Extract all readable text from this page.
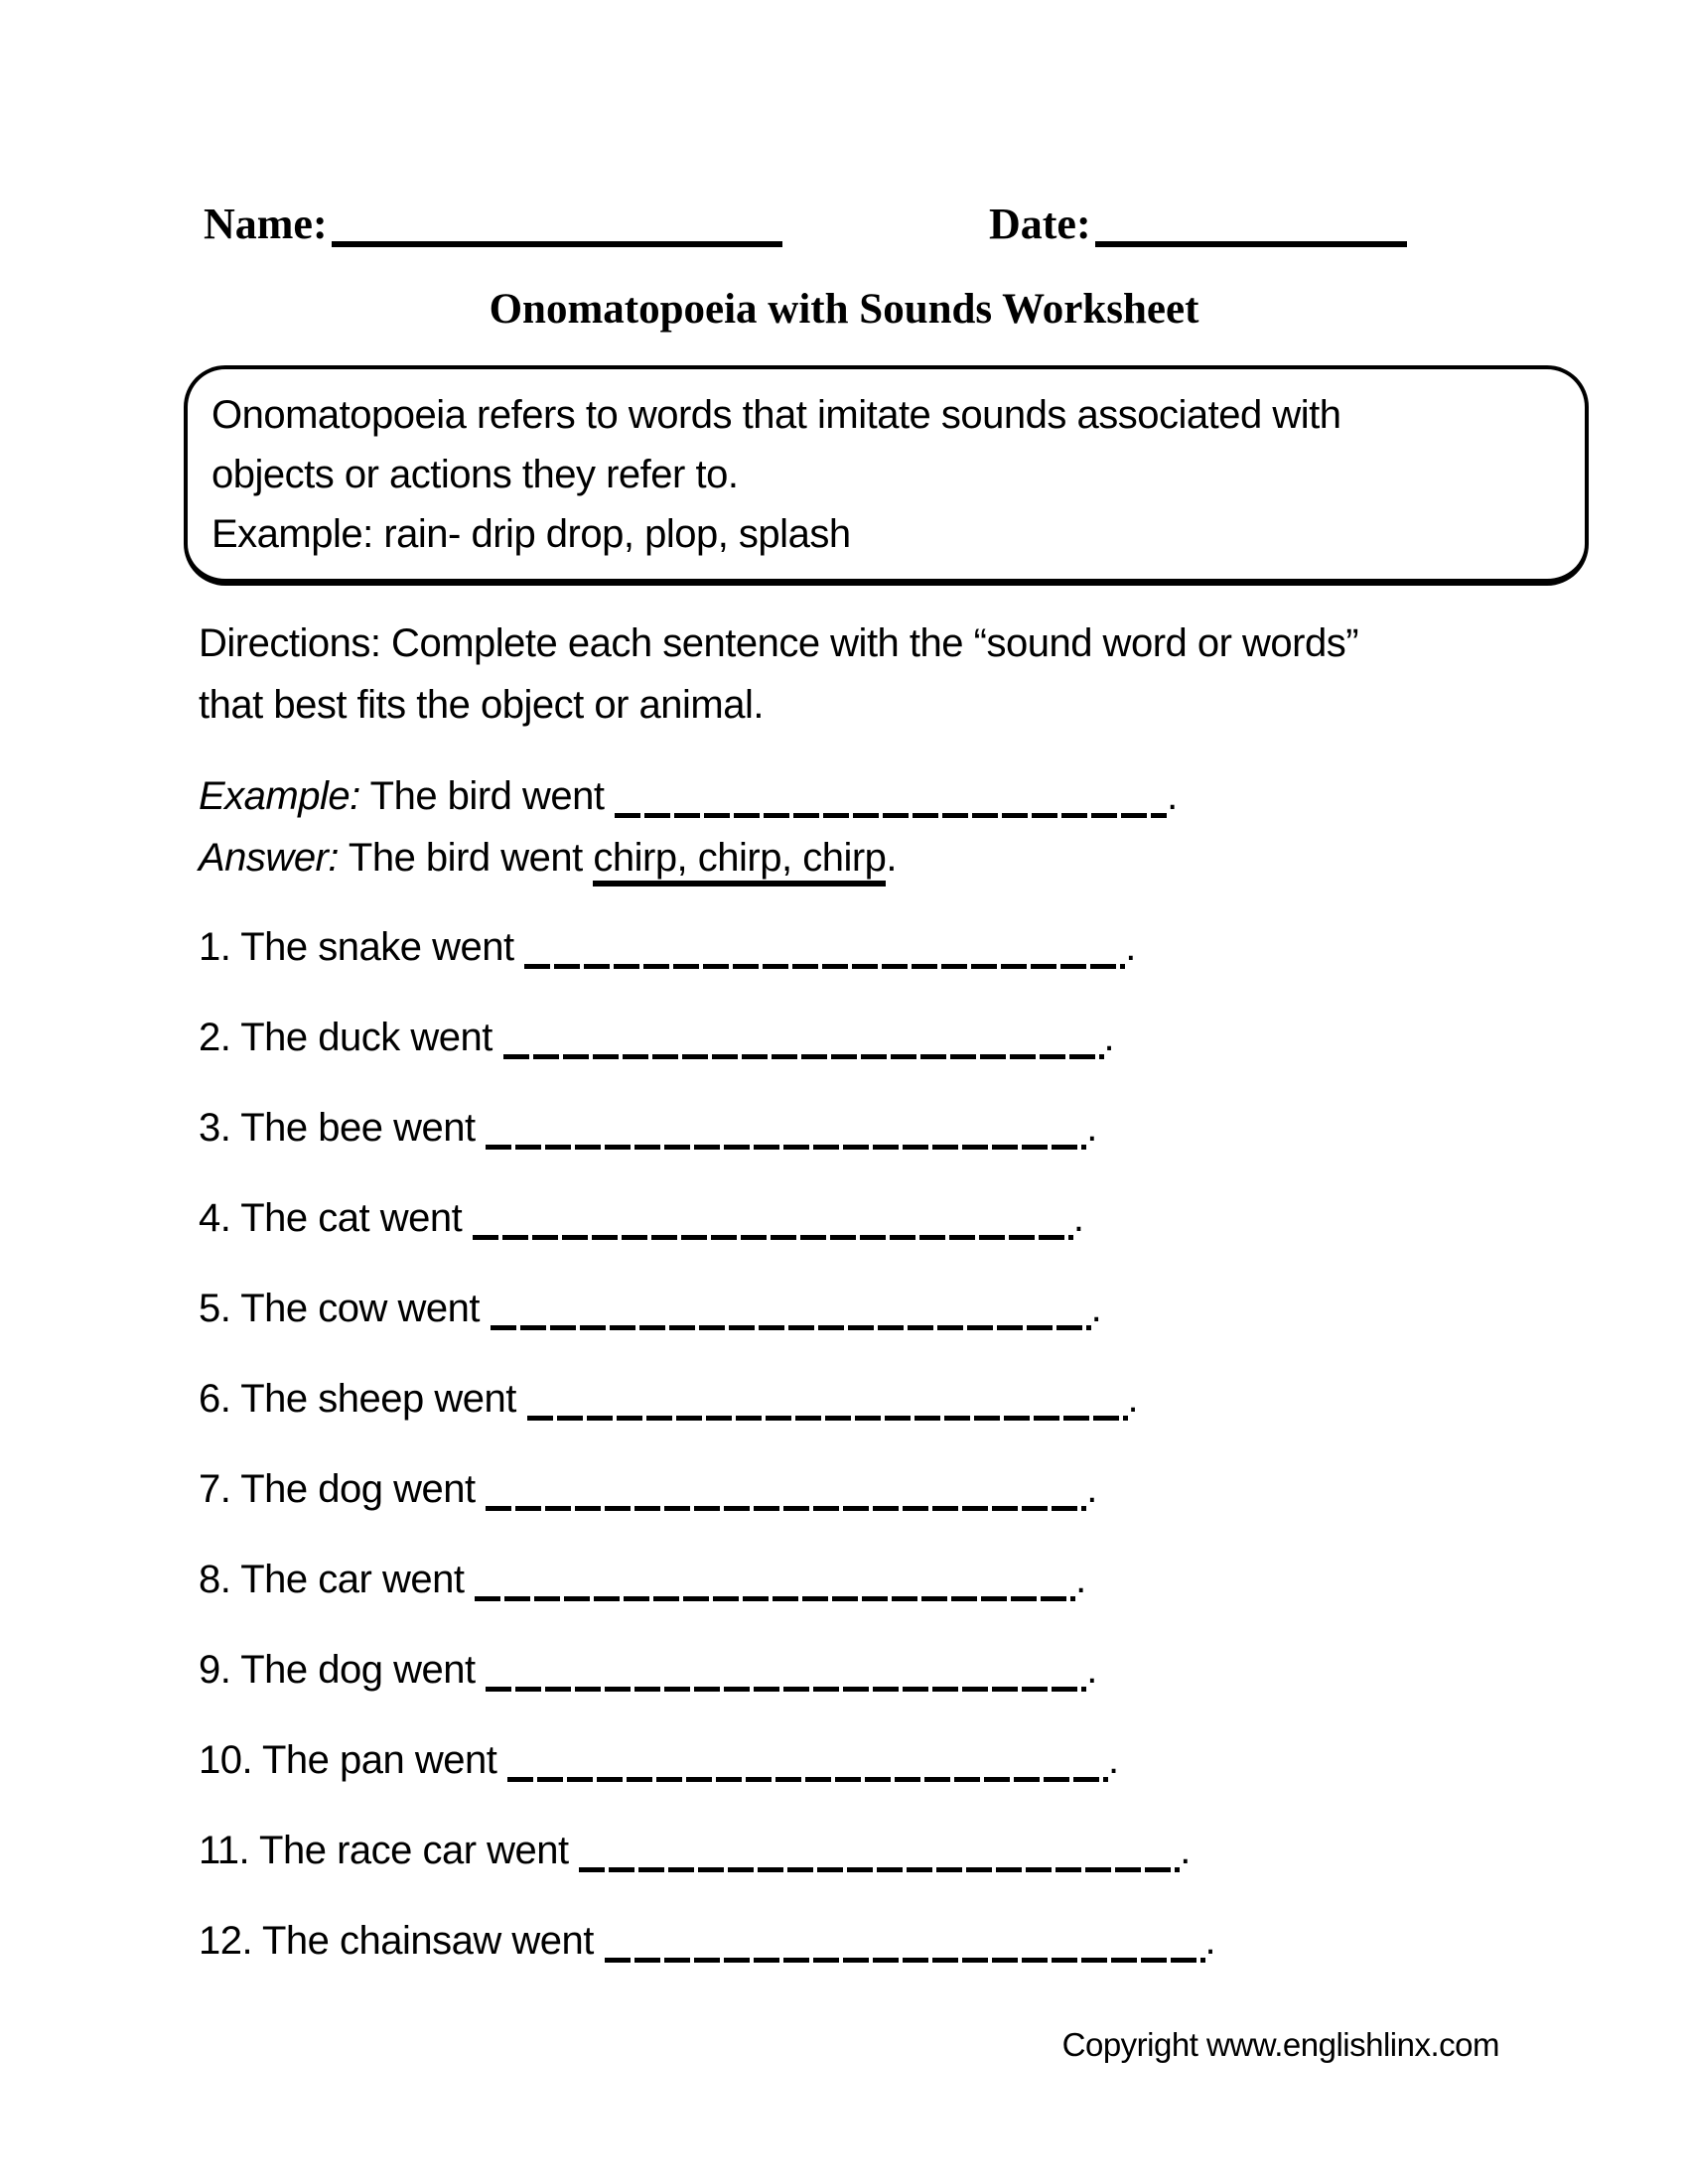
Name:	Date:
Onomatopoeia with Sounds Worksheet

Onomatopoeia refers to words that imitate sounds associated with

objects or actions they refer to.

Example: rain- drip drop, plop, splash

Directions: Complete each sentence with the “sound word or words”
that best fits the object or animal.
Example: The bird went	.
Answer: The bird went chirp, chirp, chirp.
1. The snake went	.
2. The duck went	.
3. The bee went	.
4. The cat went	.
5. The cow went	.
6. The sheep went	.
7. The dog went	.
8. The car went	.
9. The dog went	.
10. The pan went	.
11. The race car went	.
12. The chainsaw went	.
Copyright www.englishlinx.com
